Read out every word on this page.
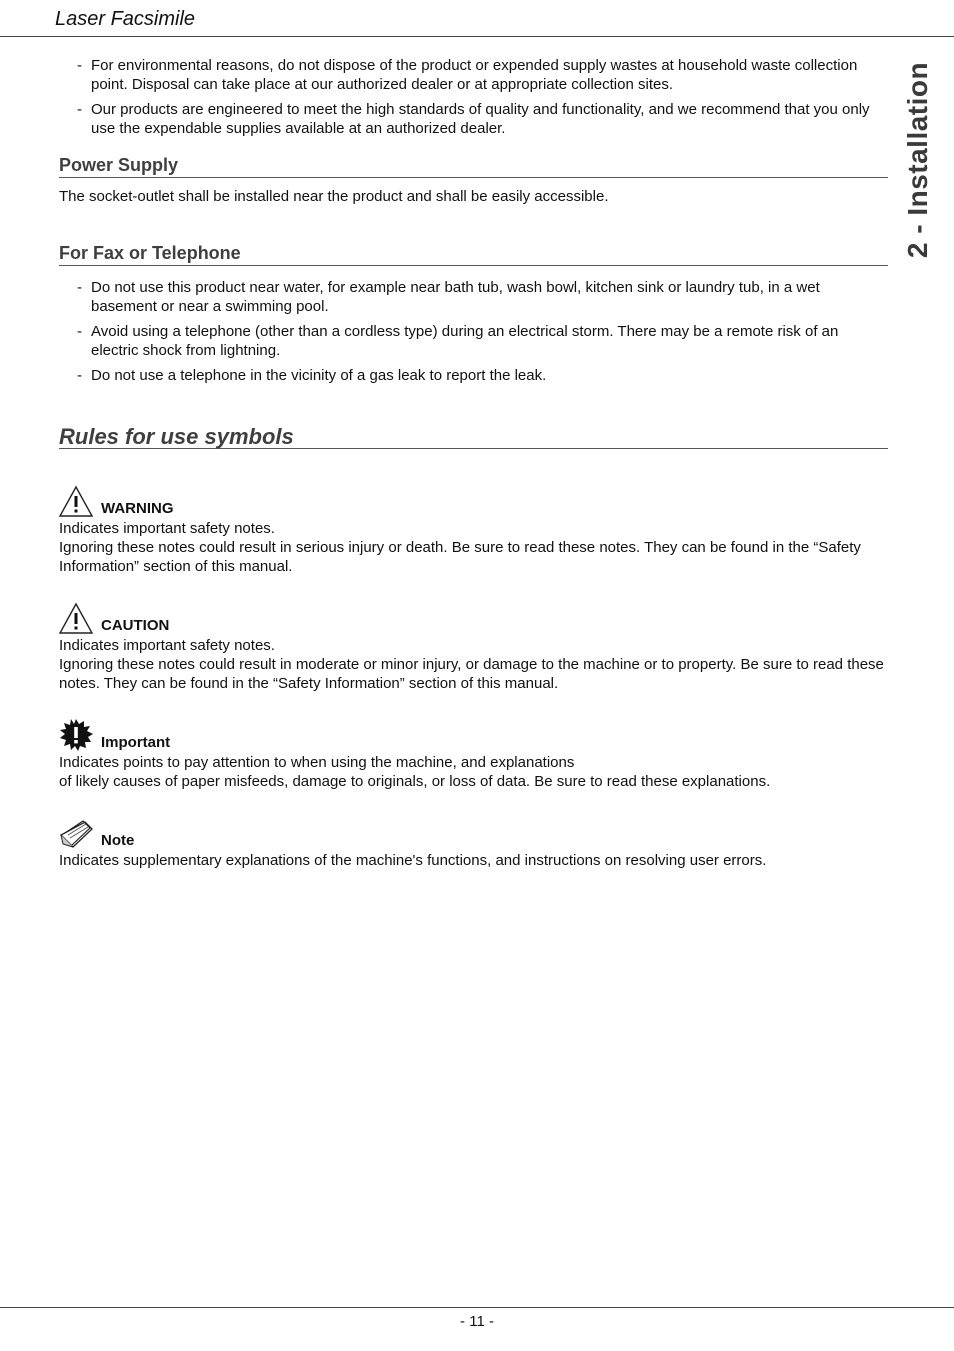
Laser Facsimile
2 - Installation
- For environmental reasons, do not dispose of the product or expended supply wastes at household waste collection point. Disposal can take place at our authorized dealer or at appropriate collection sites.
- Our products are engineered to meet the high standards of quality and functionality, and we recommend that you only use the expendable supplies available at an authorized dealer.
Power Supply

The socket-outlet shall be installed near the product and shall be easily accessible.

For Fax or Telephone
- Do not use this product near water, for example near bath tub, wash bowl, kitchen sink or laundry tub, in a wet basement or near a swimming pool.
- Avoid using a telephone (other than a cordless type) during an electrical storm. There may be a remote risk of an electric shock from lightning.
- Do not use a telephone in the vicinity of a gas leak to report the leak.
Rules for use symbols
WARNING

Indicates important safety notes.

Ignoring these notes could result in serious injury or death. Be sure to read these notes. They can be found in the “Safety Information” section of this manual.

CAUTION

Indicates important safety notes.

Ignoring these notes could result in moderate or minor injury, or damage to the machine or to property. Be sure to read these notes. They can be found in the “Safety Information” section of this manual.

Important

Indicates points to pay attention to when using the machine, and explanations

of likely causes of paper misfeeds, damage to originals, or loss of data. Be sure to read these explanations.

Note

Indicates supplementary explanations of the machine's functions, and instructions on resolving user errors.

- 11 -
